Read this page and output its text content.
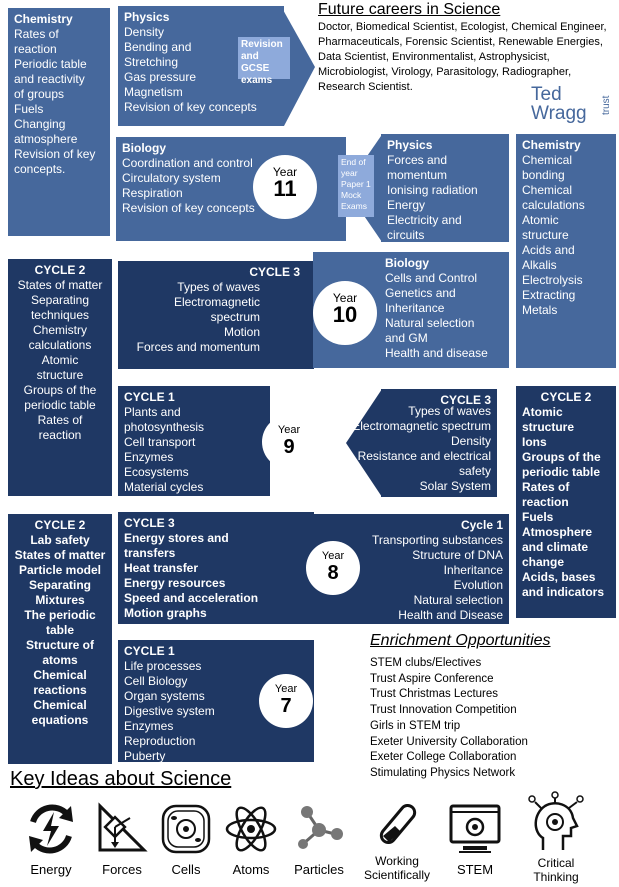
Chemistry
Rates of
reaction
Periodic table
and reactivity
of groups
Fuels
Changing
atmosphere
Revision of key
concepts.
Physics
Density
Bending and
Stretching
Gas pressure
Magnetism
Revision of key concepts
Revision and GCSE exams
Future careers in Science
Doctor, Biomedical Scientist, Ecologist, Chemical Engineer, Pharmaceuticals, Forensic Scientist, Renewable Energies, Data Scientist, Environmentalist, Astrophysicist, Microbiologist, Virology, Parasitology, Radiographer, Research Scientist.	Ted
Wragg trust
Biology
Coordination and control
Circulatory system
Respiration
Revision of key concepts
Year
11
End of year Paper 1 Mock Exams
Physics
Forces and
momentum
Ionising radiation
Energy
Electricity and
circuits
Chemistry
Chemical
bonding
Chemical
calculations
Atomic
structure
Acids and
Alkalis
Electrolysis
Extracting
Metals
CYCLE 2
States of matter
Separating
techniques
Chemistry
calculations
Atomic
structure
Groups of the
periodic table
Rates of
reaction
CYCLE 3
Types of waves
Electromagnetic
spectrum
Motion
Forces and momentum
Biology
Cells and Control
Genetics and
Inheritance
Natural selection
and GM
Health and disease
Year
10
CYCLE 1
Plants and photosynthesis
Cell transport
Enzymes
Ecosystems
Material cycles
Year
9
CYCLE 3
Types of waves
Electromagnetic spectrum
Density
Resistance and electrical
safety
Solar System
CYCLE 2
Atomic
structure
Ions
Groups of the
periodic table
Rates of
reaction
Fuels
Atmosphere
and climate
change
Acids, bases
and indicators
CYCLE 2
Lab safety
States of matter
Particle model
Separating
Mixtures
The periodic
table
Structure of
atoms
Chemical
reactions
Chemical
equations
CYCLE 3
Energy stores and
transfers
Heat transfer
Energy resources
Speed and acceleration
Motion graphs
Cycle 1
Transporting substances
Structure of DNA
Inheritance
Evolution
Natural selection
Health and Disease
Year
8
CYCLE 1
Life processes
Cell Biology
Organ systems
Digestive system
Enzymes
Reproduction
Puberty
Year
7
Enrichment Opportunities
STEM clubs/Electives
Trust Aspire Conference
Trust Christmas Lectures
Trust Innovation Competition
Girls in STEM trip
Exeter University Collaboration
Exeter College Collaboration
Stimulating Physics Network
Key Ideas about Science
Energy	Forces	Cells	Atoms	Particles
Working Scientifically	STEM	Critical Thinking
